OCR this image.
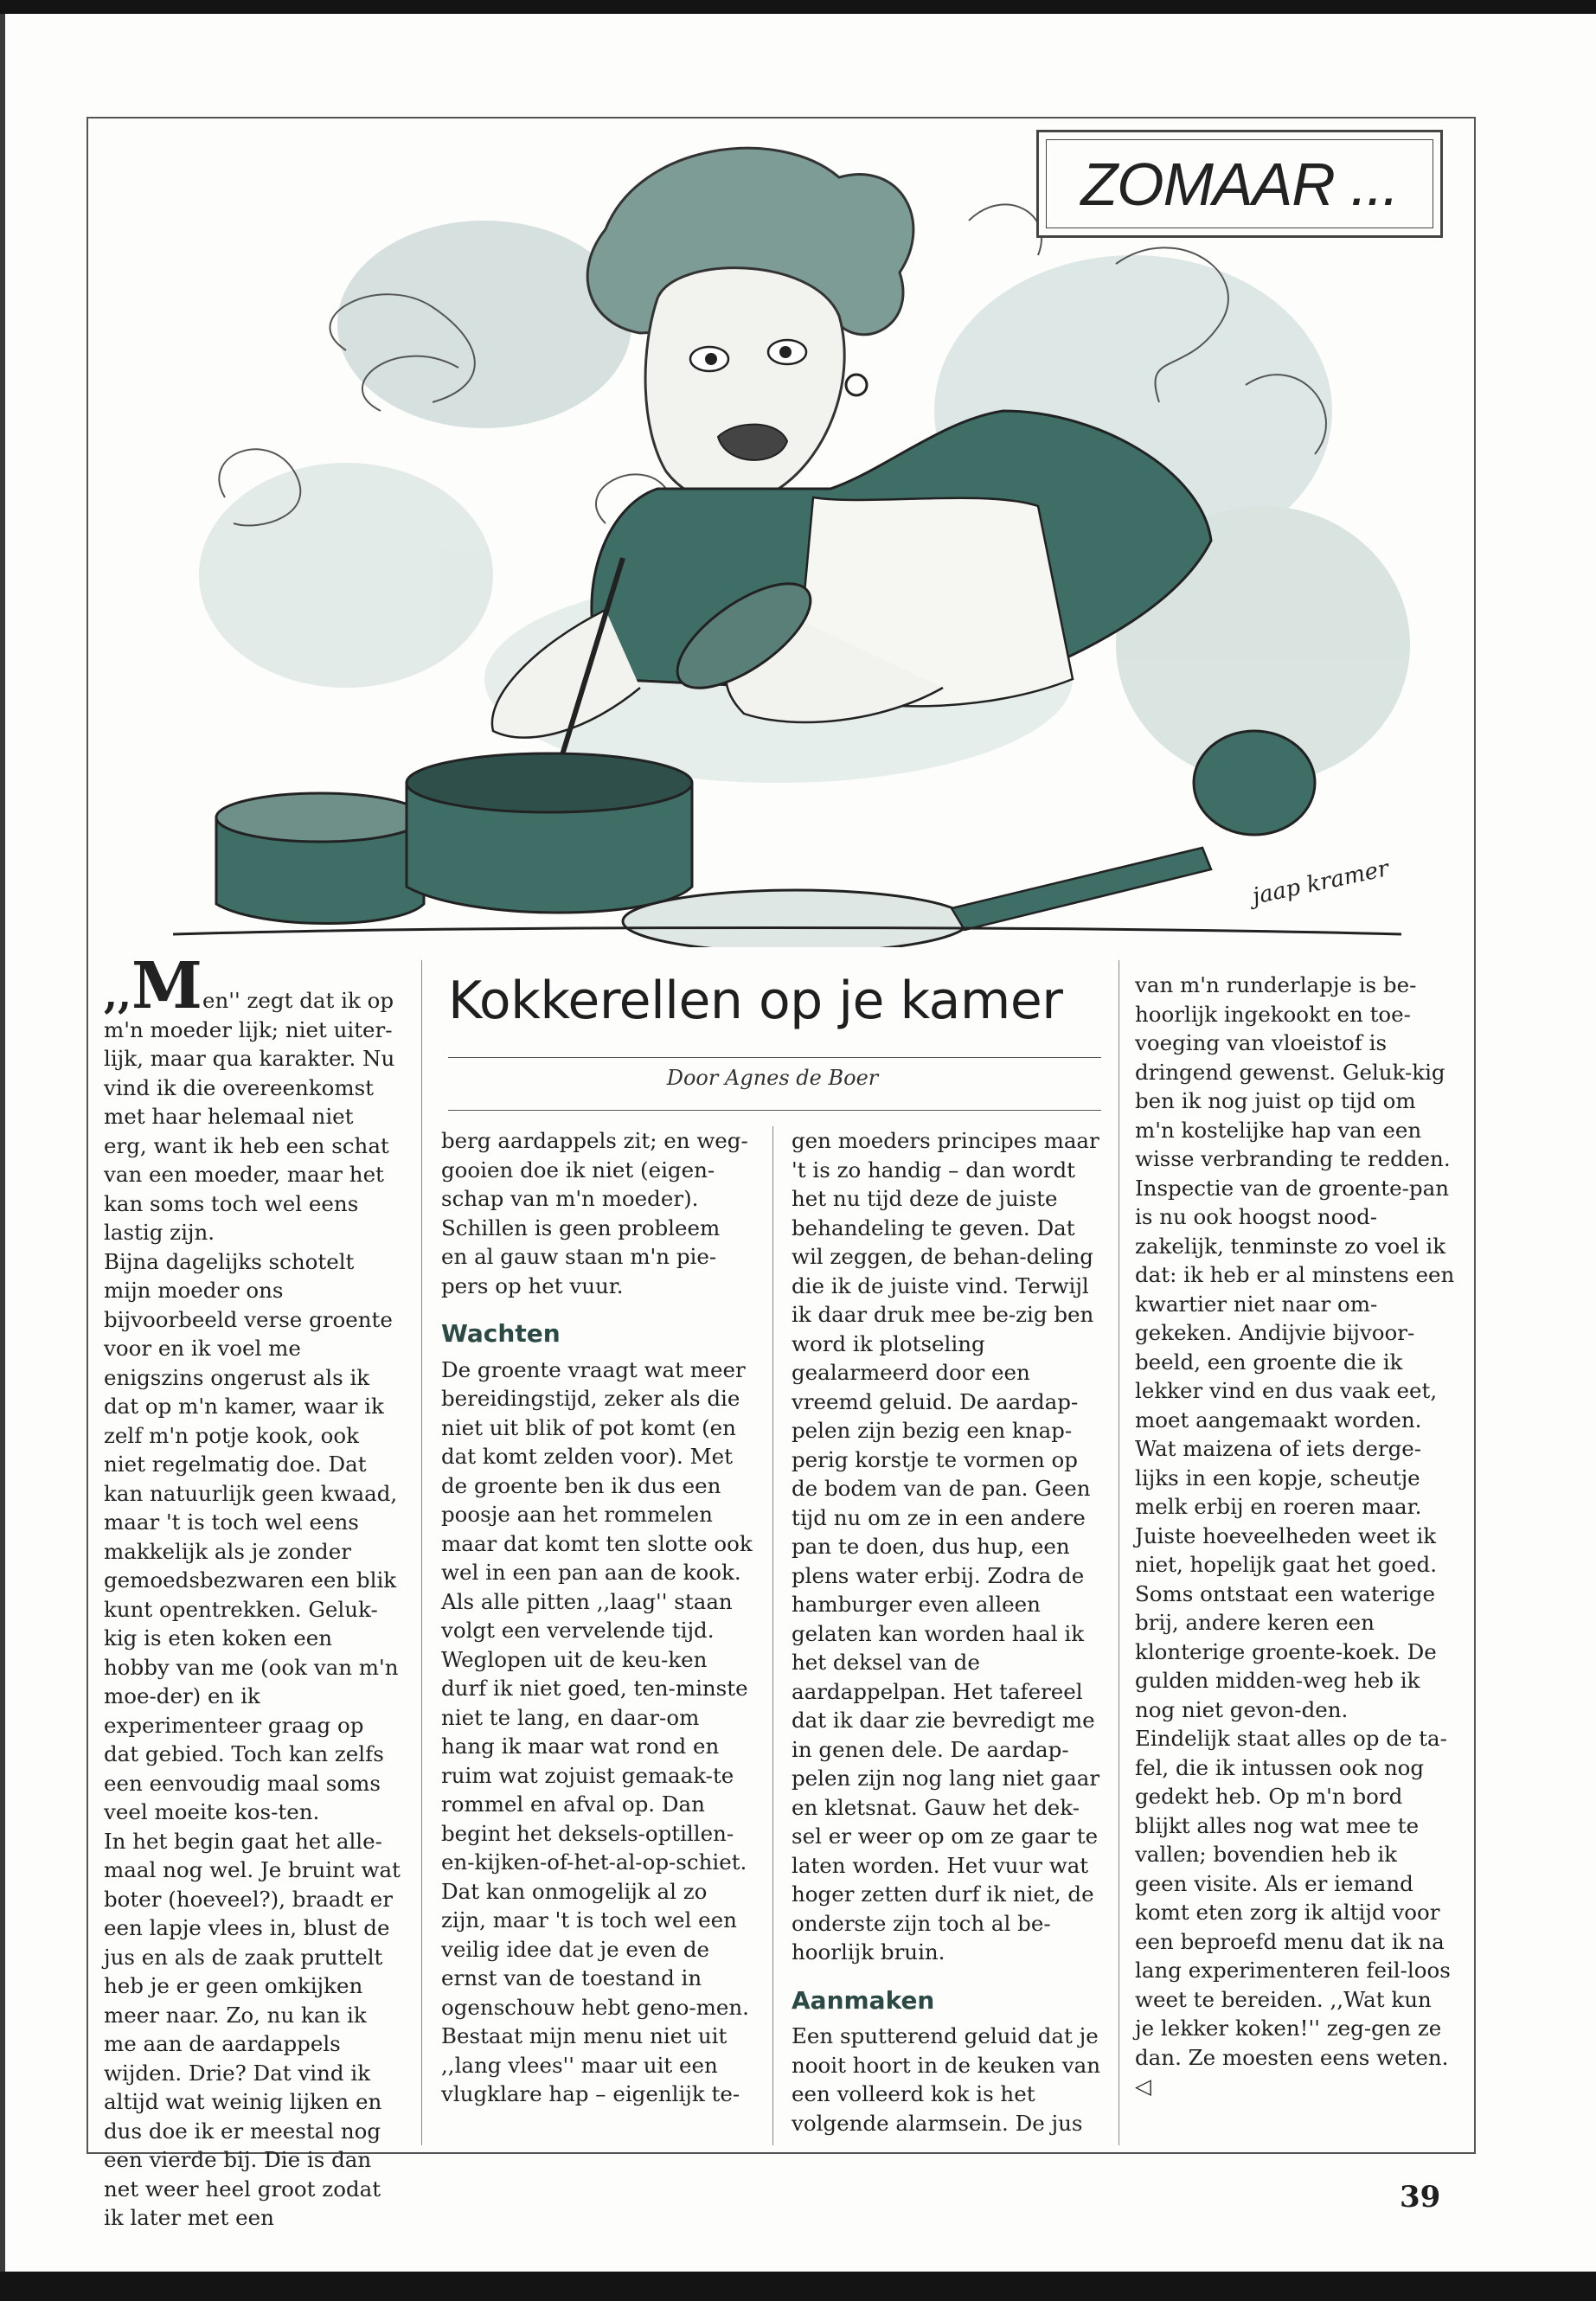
jaap kramer
ZOMAAR ...
Kokkerellen op je kamer
Door Agnes de Boer

,,Men'' zegt dat ik op

m'n moeder lijk; niet uiter-lijk, maar qua karakter. Nu vind ik die overeenkomst met haar helemaal niet erg, want ik heb een schat van een moeder, maar het kan soms toch wel eens lastig zijn.

Bijna dagelijks schotelt mijn moeder ons bijvoorbeeld verse groente voor en ik voel me enigszins ongerust als ik dat op m'n kamer, waar ik zelf m'n potje kook, ook niet regelmatig doe. Dat kan natuurlijk geen kwaad, maar 't is toch wel eens makkelijk als je zonder gemoedsbezwaren een blik kunt opentrekken. Geluk-kig is eten koken een hobby van me (ook van m'n moe-der) en ik experimenteer graag op dat gebied. Toch kan zelfs een eenvoudig maal soms veel moeite kos-ten.

In het begin gaat het alle-maal nog wel. Je bruint wat boter (hoeveel?), braadt er een lapje vlees in, blust de jus en als de zaak pruttelt heb je er geen omkijken meer naar. Zo, nu kan ik me aan de aardappels wijden. Drie? Dat vind ik altijd wat weinig lijken en dus doe ik er meestal nog een vierde bij. Die is dan net weer heel groot zodat ik later met een

berg aardappels zit; en weg-gooien doe ik niet (eigen-schap van m'n moeder). Schillen is geen probleem en al gauw staan m'n pie-pers op het vuur.

Wachten

De groente vraagt wat meer bereidingstijd, zeker als die niet uit blik of pot komt (en dat komt zelden voor). Met de groente ben ik dus een poosje aan het rommelen maar dat komt ten slotte ook wel in een pan aan de kook. Als alle pitten ,,laag'' staan volgt een vervelende tijd. Weglopen uit de keu-ken durf ik niet goed, ten-minste niet te lang, en daar-om hang ik maar wat rond en ruim wat zojuist gemaak-te rommel en afval op. Dan begint het deksels-optillen-en-kijken-of-het-al-op-schiet. Dat kan onmogelijk al zo zijn, maar 't is toch wel een veilig idee dat je even de ernst van de toestand in ogenschouw hebt geno-men.

Bestaat mijn menu niet uit ,,lang vlees'' maar uit een vlugklare hap – eigenlijk te-

gen moeders principes maar 't is zo handig – dan wordt het nu tijd deze de juiste behandeling te geven. Dat wil zeggen, de behan-deling die ik de juiste vind. Terwijl ik daar druk mee be-zig ben word ik plotseling gealarmeerd door een vreemd geluid. De aardap-pelen zijn bezig een knap-perig korstje te vormen op de bodem van de pan. Geen tijd nu om ze in een andere pan te doen, dus hup, een plens water erbij. Zodra de hamburger even alleen gelaten kan worden haal ik het deksel van de aardappelpan. Het tafereel dat ik daar zie bevredigt me in genen dele. De aardap-pelen zijn nog lang niet gaar en kletsnat. Gauw het dek-sel er weer op om ze gaar te laten worden. Het vuur wat hoger zetten durf ik niet, de onderste zijn toch al be-hoorlijk bruin.

Aanmaken

Een sputterend geluid dat je nooit hoort in de keuken van een volleerd kok is het volgende alarmsein. De jus

van m'n runderlapje is be-hoorlijk ingekookt en toe-voeging van vloeistof is dringend gewenst. Geluk-kig ben ik nog juist op tijd om m'n kostelijke hap van een wisse verbranding te redden.

Inspectie van de groente-pan is nu ook hoogst nood-zakelijk, tenminste zo voel ik dat: ik heb er al minstens een kwartier niet naar om-gekeken. Andijvie bijvoor-beeld, een groente die ik lekker vind en dus vaak eet, moet aangemaakt worden. Wat maizena of iets derge-lijks in een kopje, scheutje melk erbij en roeren maar. Juiste hoeveelheden weet ik niet, hopelijk gaat het goed. Soms ontstaat een waterige brij, andere keren een klonterige groente-koek. De gulden midden-weg heb ik nog niet gevon-den.

Eindelijk staat alles op de ta-fel, die ik intussen ook nog gedekt heb. Op m'n bord blijkt alles nog wat mee te vallen; bovendien heb ik geen visite. Als er iemand komt eten zorg ik altijd voor een beproefd menu dat ik na lang experimenteren feil-loos weet te bereiden. ,,Wat kun je lekker koken!'' zeg-gen ze dan. Ze moesten eens weten. ◁

39
